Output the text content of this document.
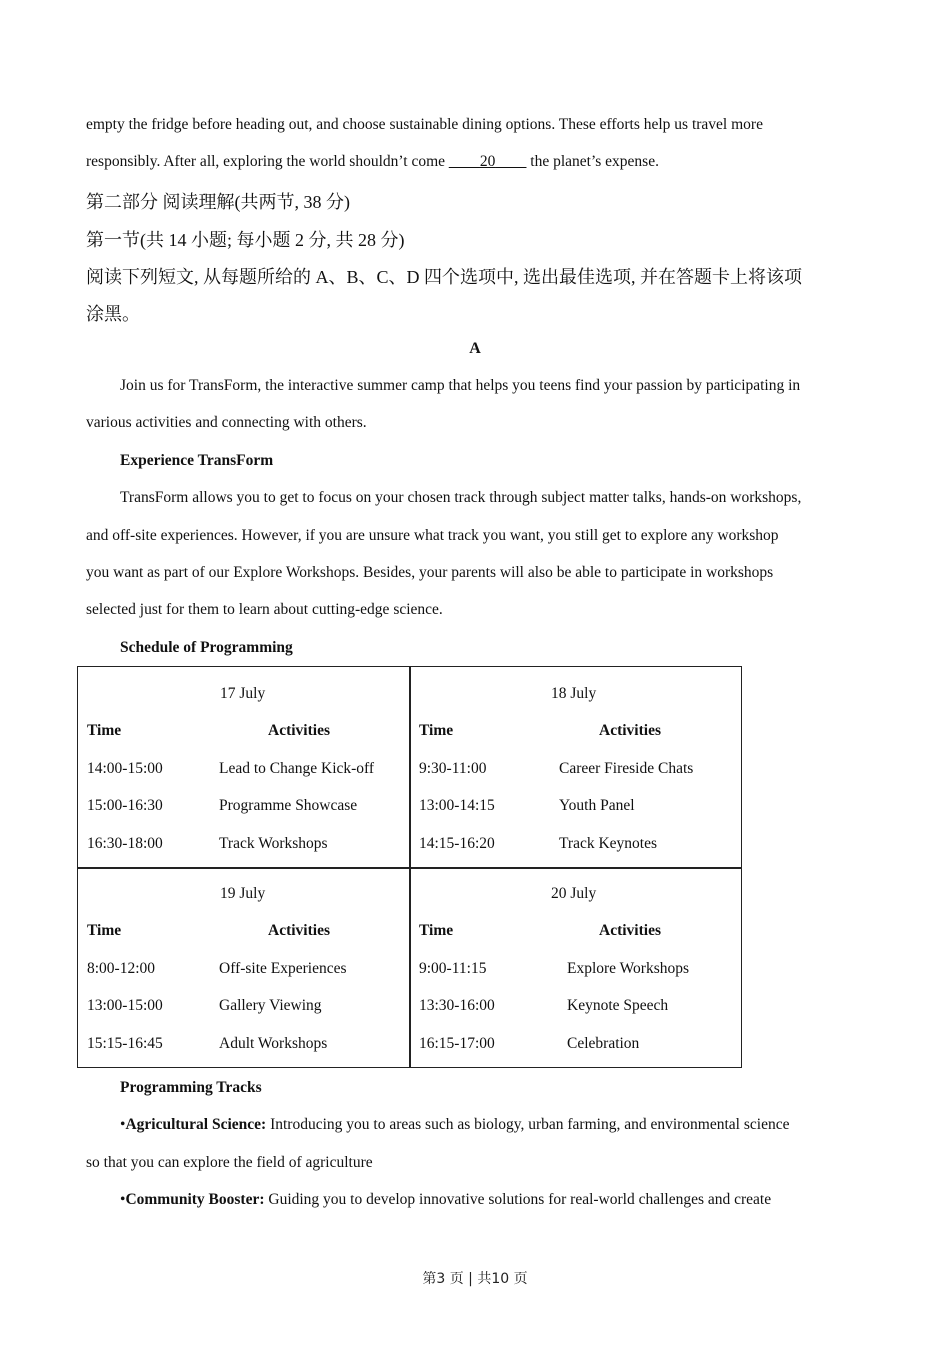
empty the fridge before heading out, and choose sustainable dining options. These efforts help us travel more
responsibly. After all, exploring the world shouldn’t come ____20____ the planet’s expense.
第二部分 阅读理解(共两节, 38 分)
第一节(共 14 小题; 每小题 2 分, 共 28 分)
阅读下列短文, 从每题所给的 A、B、C、D 四个选项中, 选出最佳选项, 并在答题卡上将该项
涂黑。
A
Join us for TransForm, the interactive summer camp that helps you teens find your passion by participating in
various activities and connecting with others.
Experience TransForm
TransForm allows you to get to focus on your chosen track through subject matter talks, hands-on workshops,
and off-site experiences. However, if you are unsure what track you want, you still get to explore any workshop
you want as part of our Explore Workshops. Besides, your parents will also be able to participate in workshops
selected just for them to learn about cutting-edge science.
Schedule of Programming
17 July
Time	Activities
14:00-15:00	Lead to Change Kick-off
15:00-16:30	Programme Showcase
16:30-18:00	Track Workshops
18 July
Time	Activities
9:30-11:00	Career Fireside Chats
13:00-14:15	Youth Panel
14:15-16:20	Track Keynotes
19 July
Time	Activities
8:00-12:00	Off-site Experiences
13:00-15:00	Gallery Viewing
15:15-16:45	Adult Workshops
20 July
Time	Activities
9:00-11:15	Explore Workshops
13:30-16:00	Keynote Speech
16:15-17:00	Celebration
Programming Tracks
•Agricultural Science: Introducing you to areas such as biology, urban farming, and environmental science
so that you can explore the field of agriculture
•Community Booster: Guiding you to develop innovative solutions for real-world challenges and create
第3 页 | 共10 页
